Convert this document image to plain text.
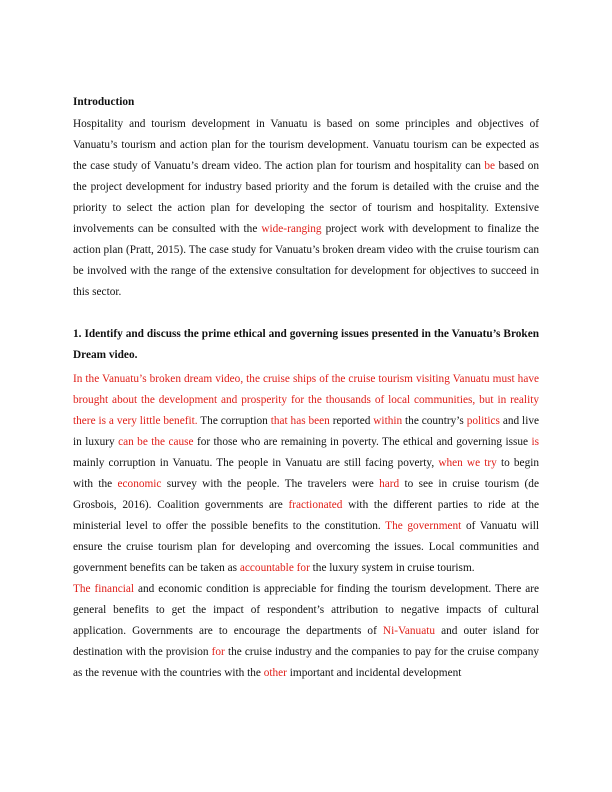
Introduction

Hospitality and tourism development in Vanuatu is based on some principles and objectives of Vanuatu’s tourism and action plan for the tourism development. Vanuatu tourism can be expected as the case study of Vanuatu’s dream video. The action plan for tourism and hospitality can be based on the project development for industry based priority and the forum is detailed with the cruise and the priority to select the action plan for developing the sector of tourism and hospitality. Extensive involvements can be consulted with the wide-ranging project work with development to finalize the action plan (Pratt, 2015). The case study for Vanuatu’s broken dream video with the cruise tourism can be involved with the range of the extensive consultation for development for objectives to succeed in this sector.

1. Identify and discuss the prime ethical and governing issues presented in the Vanuatu’s Broken Dream video.

In the Vanuatu’s broken dream video, the cruise ships of the cruise tourism visiting Vanuatu must have brought about the development and prosperity for the thousands of local communities, but in reality there is a very little benefit. The corruption that has been reported within the country’s politics and live in luxury can be the cause for those who are remaining in poverty. The ethical and governing issue is mainly corruption in Vanuatu. The people in Vanuatu are still facing poverty, when we try to begin with the economic survey with the people. The travelers were hard to see in cruise tourism (de Grosbois, 2016). Coalition governments are fractionated with the different parties to ride at the ministerial level to offer the possible benefits to the constitution. The government of Vanuatu will ensure the cruise tourism plan for developing and overcoming the issues. Local communities and government benefits can be taken as accountable for the luxury system in cruise tourism.

The financial and economic condition is appreciable for finding the tourism development. There are general benefits to get the impact of respondent’s attribution to negative impacts of cultural application. Governments are to encourage the departments of Ni-Vanuatu and outer island for destination with the provision for the cruise industry and the companies to pay for the cruise company as the revenue with the countries with the other important and incidental development
